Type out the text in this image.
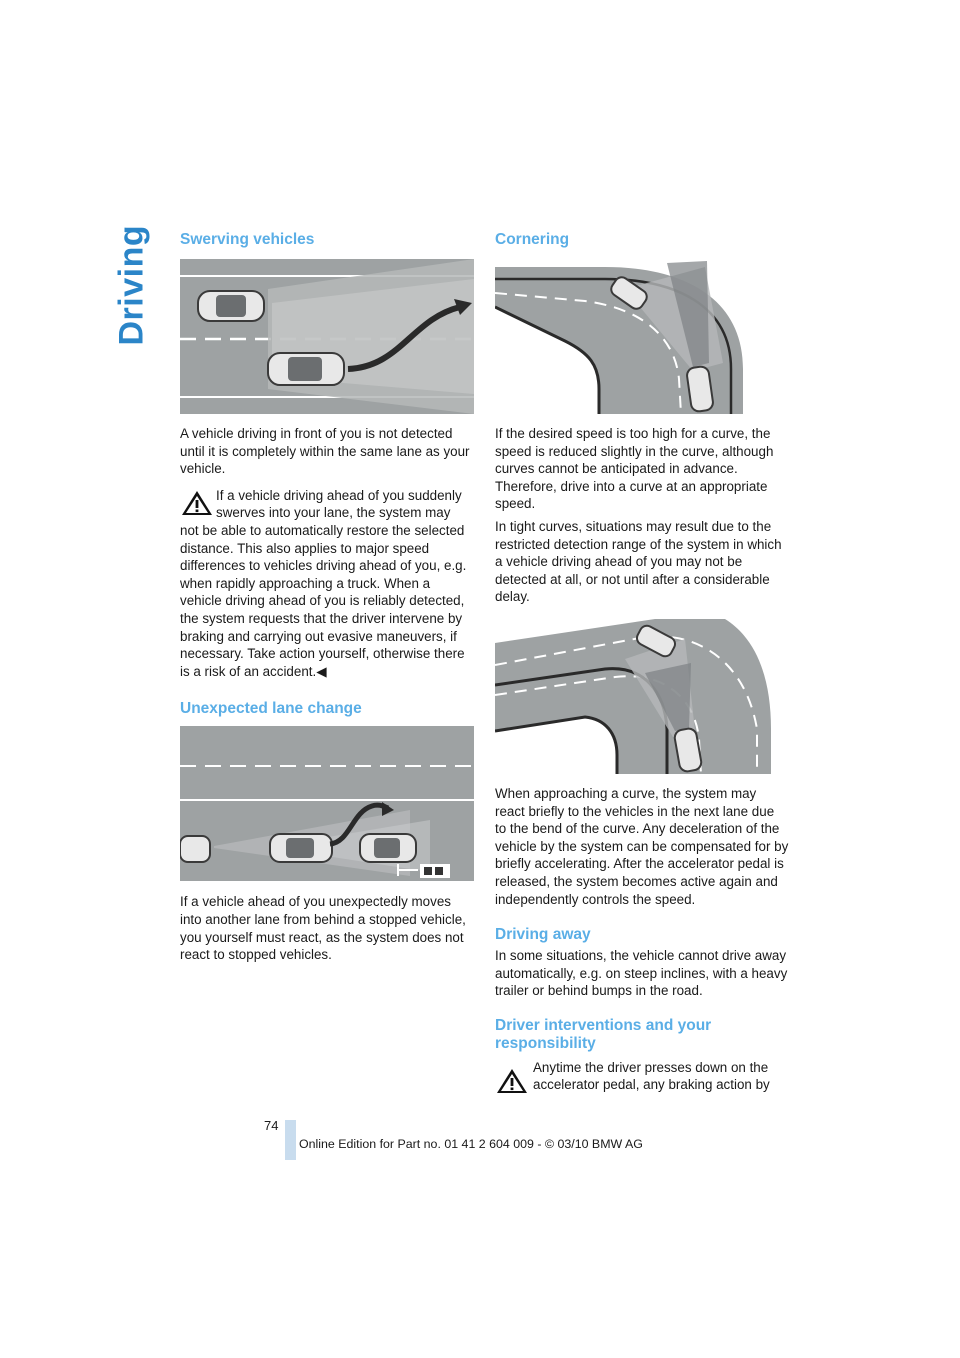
Driving Swerving vehicles

A vehicle driving in front of you is not detected until it is completely within the same lane as your vehicle.

If a vehicle driving ahead of you suddenly swerves into your lane, the system may

not be able to automatically restore the selected distance. This also applies to major speed differences to vehicles driving ahead of you, e.g. when rapidly approaching a truck. When a vehicle driving ahead of you is reliably detected, the system requests that the driver intervene by braking and carrying out evasive maneuvers, if necessary. Take action yourself, otherwise there is a risk of an accident.◀

Unexpected lane change

If a vehicle ahead of you unexpectedly moves into another lane from behind a stopped vehicle, you yourself must react, as the system does not react to stopped vehicles.

Cornering

If the desired speed is too high for a curve, the speed is reduced slightly in the curve, although curves cannot be anticipated in advance. Therefore, drive into a curve at an appropriate speed.

In tight curves, situations may result due to the restricted detection range of the system in which a vehicle driving ahead of you may not be detected at all, or not until after a considerable delay.

When approaching a curve, the system may react briefly to the vehicles in the next lane due to the bend of the curve. Any deceleration of the vehicle by the system can be compensated for by briefly accelerating. After the accelerator pedal is released, the system becomes active again and independently controls the speed.

Driving away

In some situations, the vehicle cannot drive away automatically, e.g. on steep inclines, with a heavy trailer or behind bumps in the road.

Driver interventions and your responsibility

Anytime the driver presses down on the accelerator pedal, any braking action by

74
Online Edition for Part no. 01 41 2 604 009 - © 03/10 BMW AG
